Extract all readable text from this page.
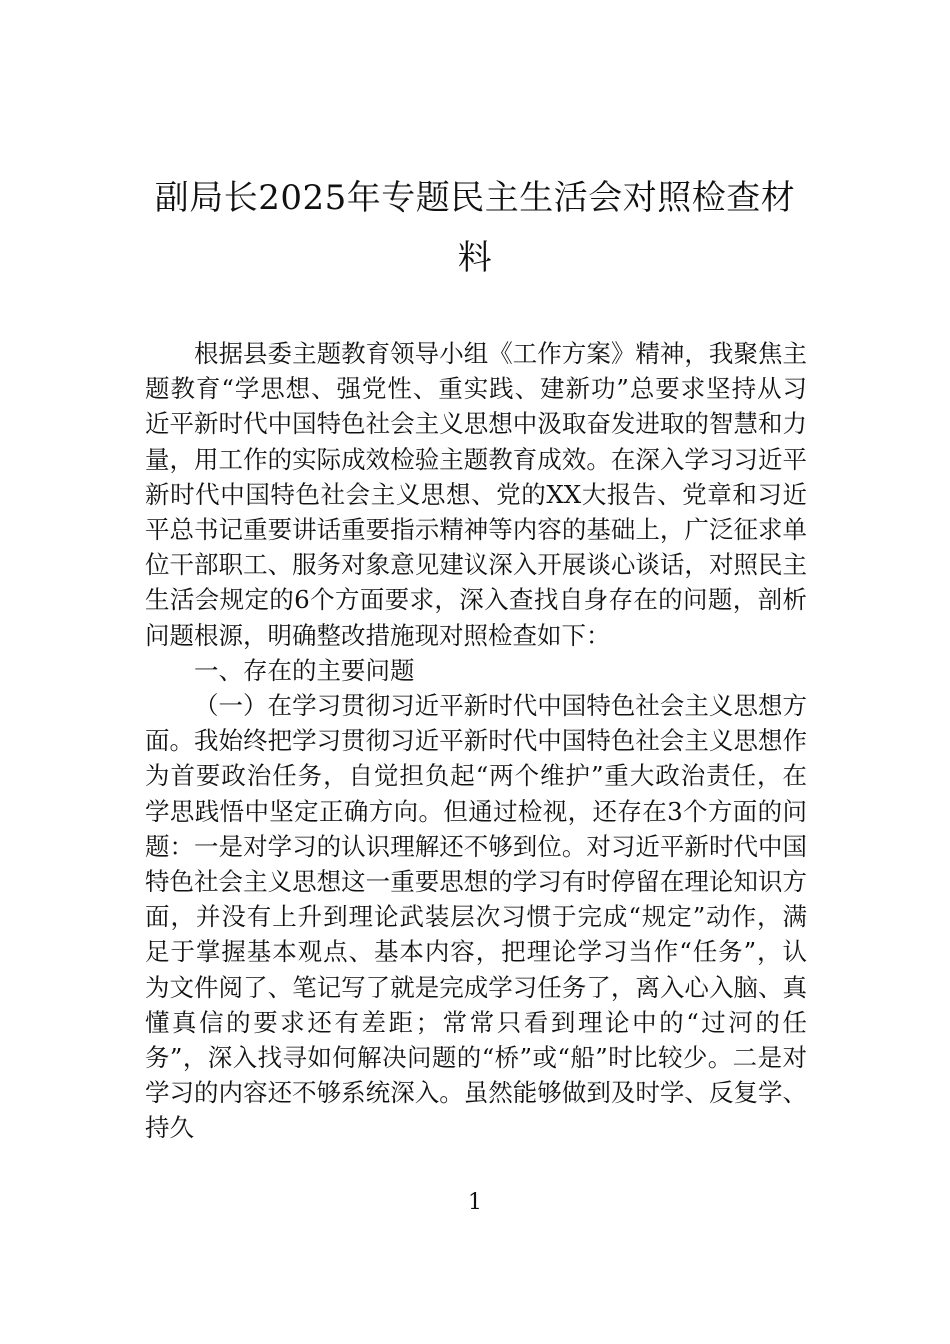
副局长2025年专题民主生活会对照检查材料

根据县委主题教育领导小组《工作方案》精神，我聚焦主题教育“学思想、强党性、重实践、建新功”总要求坚持从习近平新时代中国特色社会主义思想中汲取奋发进取的智慧和力量，用工作的实际成效检验主题教育成效。在深入学习习近平新时代中国特色社会主义思想、党的XX大报告、党章和习近平总书记重要讲话重要指示精神等内容的基础上，广泛征求单位干部职工、服务对象意见建议深入开展谈心谈话，对照民主生活会规定的6个方面要求，深入查找自身存在的问题，剖析问题根源，明确整改措施现对照检查如下：

一、存在的主要问题

（一）在学习贯彻习近平新时代中国特色社会主义思想方面。我始终把学习贯彻习近平新时代中国特色社会主义思想作为首要政治任务，自觉担负起“两个维护”重大政治责任，在学思践悟中坚定正确方向。但通过检视，还存在3个方面的问题：一是对学习的认识理解还不够到位。对习近平新时代中国特色社会主义思想这一重要思想的学习有时停留在理论知识方面，并没有上升到理论武装层次习惯于完成“规定”动作，满足于掌握基本观点、基本内容，把理论学习当作“任务”，认为文件阅了、笔记写了就是完成学习任务了，离入心入脑、真懂真信的要求还有差距；常常只看到理论中的“过河的任务”，深入找寻如何解决问题的“桥”或“船”时比较少。二是对学习的内容还不够系统深入。虽然能够做到及时学、反复学、持久

1
